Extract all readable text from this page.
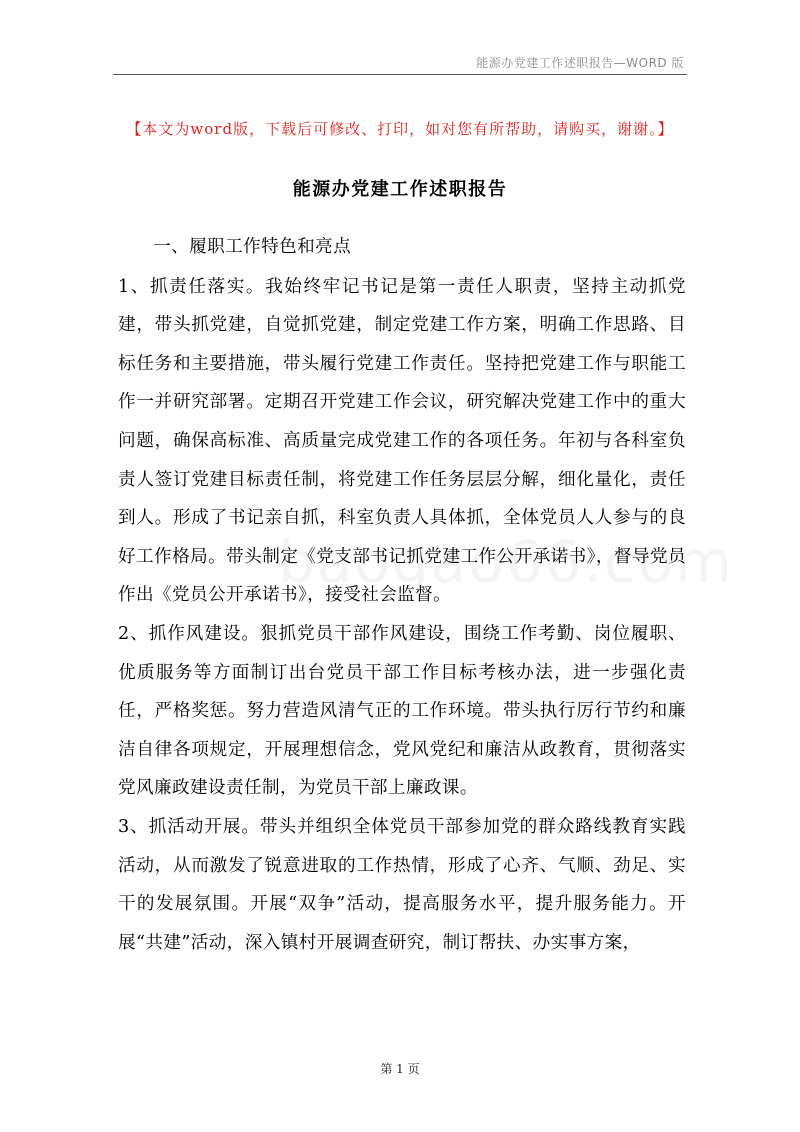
能源办党建工作述职报告—WORD 版
【本文为word版，下载后可修改、打印，如对您有所帮助，请购买，谢谢。】
能源办党建工作述职报告

一、履职工作特色和亮点

1、抓责任落实。我始终牢记书记是第一责任人职责，坚持主动抓党建，带头抓党建，自觉抓党建，制定党建工作方案，明确工作思路、目标任务和主要措施，带头履行党建工作责任。坚持把党建工作与职能工作一并研究部署。定期召开党建工作会议，研究解决党建工作中的重大问题，确保高标准、高质量完成党建工作的各项任务。年初与各科室负责人签订党建目标责任制，将党建工作任务层层分解，细化量化，责任到人。形成了书记亲自抓，科室负责人具体抓，全体党员人人参与的良好工作格局。带头制定《党支部书记抓党建工作公开承诺书》，督导党员作出《党员公开承诺书》，接受社会监督。

2、抓作风建设。狠抓党员干部作风建设，围绕工作考勤、岗位履职、优质服务等方面制订出台党员干部工作目标考核办法，进一步强化责任，严格奖惩。努力营造风清气正的工作环境。带头执行厉行节约和廉洁自律各项规定，开展理想信念，党风党纪和廉洁从政教育，贯彻落实党风廉政建设责任制，为党员干部上廉政课。

3、抓活动开展。带头并组织全体党员干部参加党的群众路线教育实践活动，从而激发了锐意进取的工作热情，形成了心齐、气顺、劲足、实干的发展氛围。开展“双争”活动，提高服务水平，提升服务能力。开展“共建”活动，深入镇村开展调查研究，制订帮扶、办实事方案，

第 1 页
